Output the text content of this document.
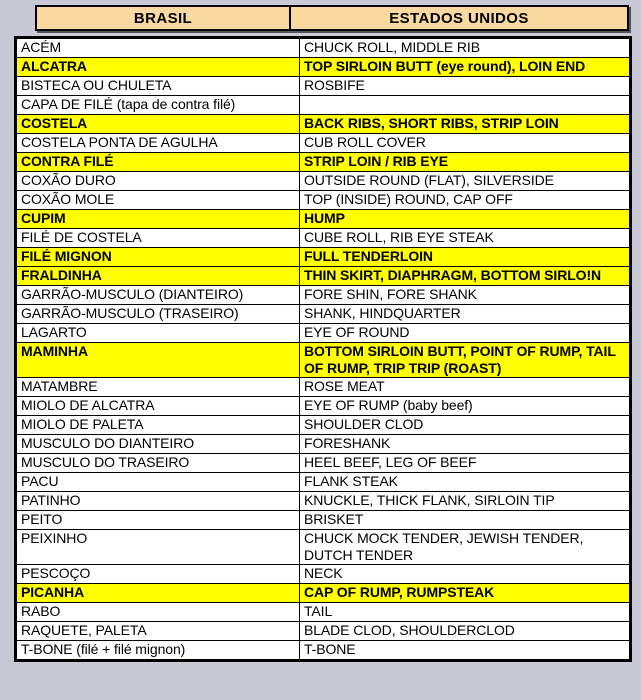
BRASIL	ESTADOS UNIDOS
ACÉM	CHUCK ROLL, MIDDLE RIB
ALCATRA	TOP SIRLOIN BUTT (eye round), LOIN END
BISTECA OU CHULETA	ROSBIFE
CAPA DE FILÉ (tapa de contra filé)	
COSTELA	BACK RIBS, SHORT RIBS, STRIP LOIN
COSTELA PONTA DE AGULHA	CUB ROLL COVER
CONTRA FILÉ	STRIP LOIN / RIB EYE
COXÃO DURO	OUTSIDE ROUND (FLAT), SILVERSIDE
COXÃO MOLE	TOP (INSIDE) ROUND, CAP OFF
CUPIM	HUMP
FILÉ DE COSTELA	CUBE ROLL, RIB EYE STEAK
FILÉ MIGNON	FULL TENDERLOIN
FRALDINHA	THIN SKIRT, DIAPHRAGM, BOTTOM SIRLO!N
GARRÃO-MUSCULO (DIANTEIRO)	FORE SHIN, FORE SHANK
GARRÃO-MUSCULO (TRASEIRO)	SHANK, HINDQUARTER
LAGARTO	EYE OF ROUND
MAMINHA	BOTTOM SIRLOIN BUTT, POINT OF RUMP, TAIL OF RUMP, TRIP TRIP (ROAST)
MATAMBRE	ROSE MEAT
MIOLO DE ALCATRA	EYE OF RUMP (baby beef)
MIOLO DE PALETA	SHOULDER CLOD
MUSCULO DO DIANTEIRO	FORESHANK
MUSCULO DO TRASEIRO	HEEL BEEF, LEG OF BEEF
PACU	FLANK STEAK
PATINHO	KNUCKLE, THICK FLANK, SIRLOIN TIP
PEITO	BRISKET
PEIXINHO	CHUCK MOCK TENDER, JEWISH TENDER, DUTCH TENDER
PESCOÇO	NECK
PICANHA	CAP OF RUMP, RUMPSTEAK
RABO	TAIL
RAQUETE, PALETA	BLADE CLOD, SHOULDERCLOD
T-BONE (filé + filé mignon)	T-BONE
